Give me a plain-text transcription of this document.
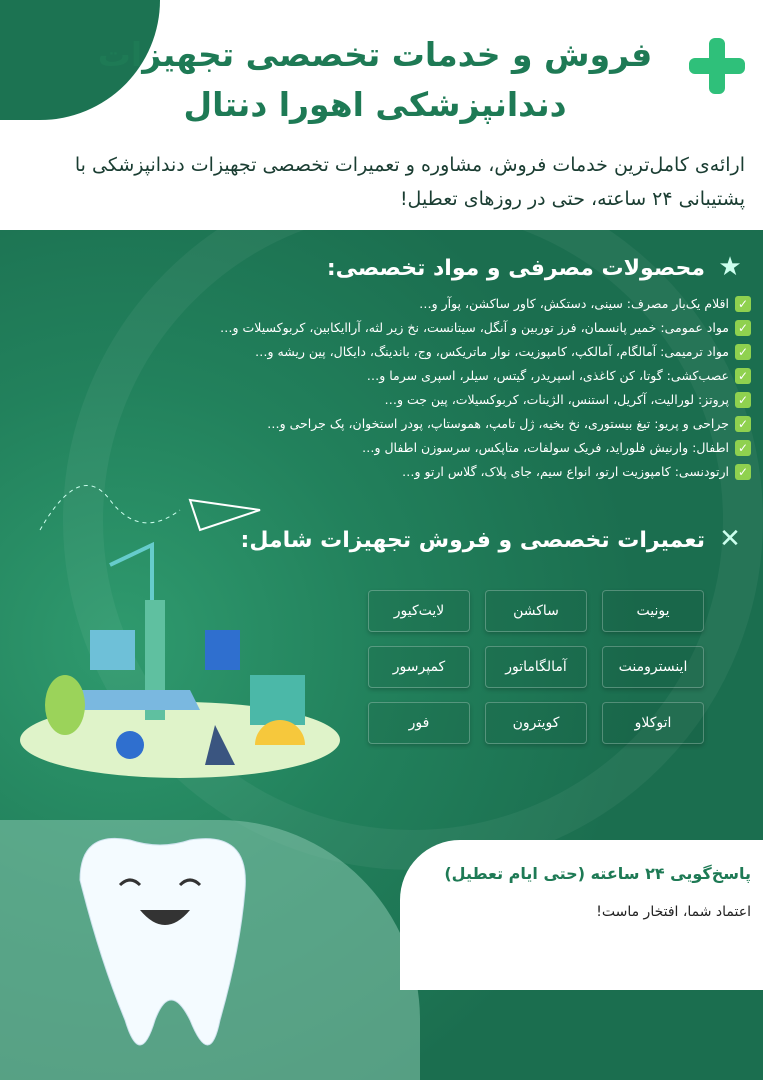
فروش و خدمات تخصصی تجهیزات
دندانپزشکی اهورا دنتال
ارائه‌ی کامل‌ترین خدمات فروش، مشاوره و تعمیرات تخصصی تجهیزات دندانپزشکی با پشتیبانی ۲۴ ساعته، حتی در روزهای تعطیل!
★
محصولات مصرفی و مواد تخصصی:
✓
اقلام یک‌بار مصرف: سینی، دستکش، کاور ساکشن، پوآر و…
✓
مواد عمومی: خمیر پانسمان، فرز توربین و آنگل، سیتانست، نخ زیر لثه، آراایکابین، کربوکسیلات و…
✓
مواد ترمیمی: آمالگام، آمالکپ، کامپوزیت، نوار ماتریکس، وج، باندینگ، دایکال، پین ریشه و…
✓
عصب‌کشی: گوتا، کن کاغذی، اسپریدر، گیتس، سیلر، اسپری سرما و…
✓
پروتز: لورالیت، آکریل، استنس، الژینات، کربوکسیلات، پین جت و…
✓
جراحی و پریو: تیغ بیستوری، نخ بخیه، ژل تامپ، هموستاپ، پودر استخوان، پک جراحی و…
✓
اطفال: وارنیش فلوراید، فریک سولفات، متاپکس، سرسوزن اطفال و…
✓
ارتودنسی: کامپوزیت ارتو، انواع سیم، جای پلاک، گلاس ارتو و…
✕
تعمیرات تخصصی و فروش تجهیزات شامل:
یونیت
ساکشن
لایت‌کیور
اینسترومنت
آمالگاماتور
کمپرسور
اتوکلاو
کویترون
فور
پاسخ‌گویی ۲۴ ساعته (حتی ایام تعطیل)
اعتماد شما، افتخار ماست!
